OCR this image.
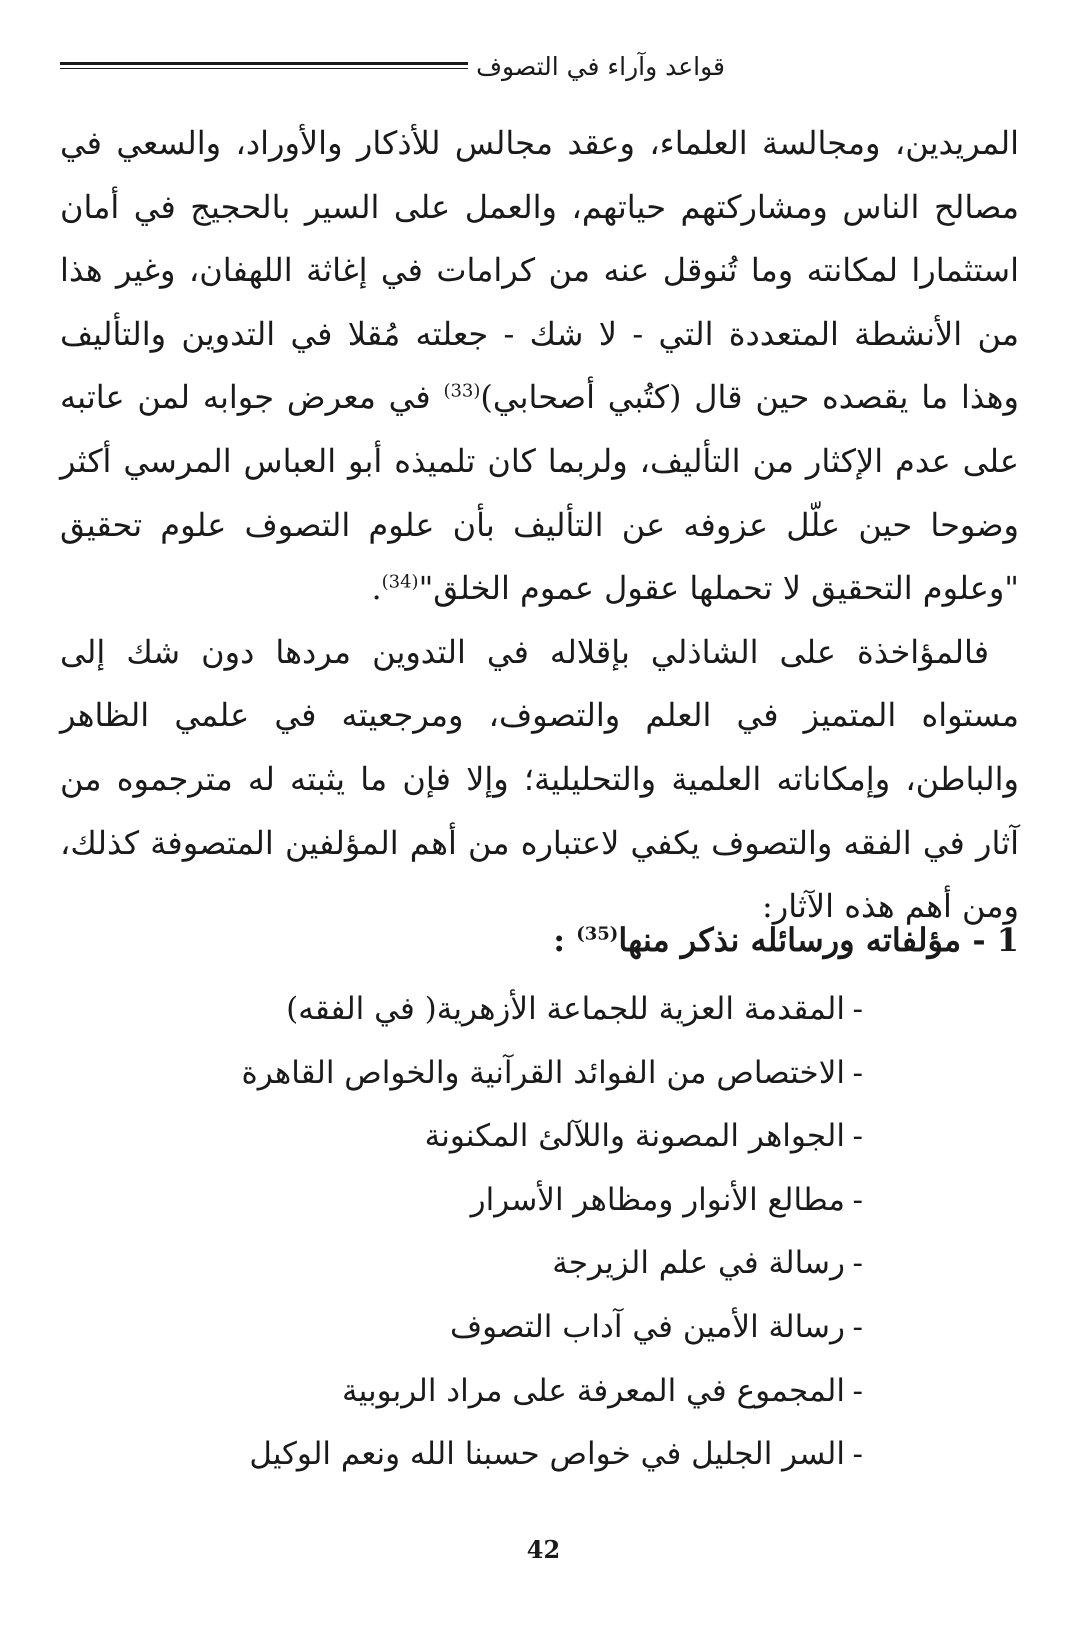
قواعد وآراء في التصوف

المريدين، ومجالسة العلماء، وعقد مجالس للأذكار والأوراد، والسعي في مصالح الناس ومشاركتهم حياتهم، والعمل على السير بالحجيج في أمان استثمارا لمكانته وما تُنوقل عنه من كرامات في إغاثة اللهفان، وغير هذا من الأنشطة المتعددة التي - لا شك - جعلته مُقلا في التدوين والتأليف وهذا ما يقصده حين قال (كتُبي أصحابي)$^{(33)}$ في معرض جوابه لمن عاتبه على عدم الإكثار من التأليف، ولربما كان تلميذه أبو العباس المرسي أكثر وضوحا حين علّل عزوفه عن التأليف بأن علوم التصوف علوم تحقيق "وعلوم التحقيق لا تحملها عقول عموم الخلق"$^{(34)}$.

فالمؤاخذة على الشاذلي بإقلاله في التدوين مردها دون شك إلى مستواه المتميز في العلم والتصوف، ومرجعيته في علمي الظاهر والباطن، وإمكاناته العلمية والتحليلية؛ وإلا فإن ما يثبته له مترجموه من آثار في الفقه والتصوف يكفي لاعتباره من أهم المؤلفين المتصوفة كذلك، ومن أهم هذه الآثار:

1 - مؤلفاته ورسائله نذكر منها$^{(35)}$ :
-المقدمة العزية للجماعة الأزهرية( في الفقه)
-الاختصاص من الفوائد القرآنية والخواص القاهرة
-الجواهر المصونة واللآلئ المكنونة
-مطالع الأنوار ومظاهر الأسرار
-رسالة في علم الزيرجة
-رسالة الأمين في آداب التصوف
-المجموع في المعرفة على مراد الربوبية
-السر الجليل في خواص حسبنا الله ونعم الوكيل
42
